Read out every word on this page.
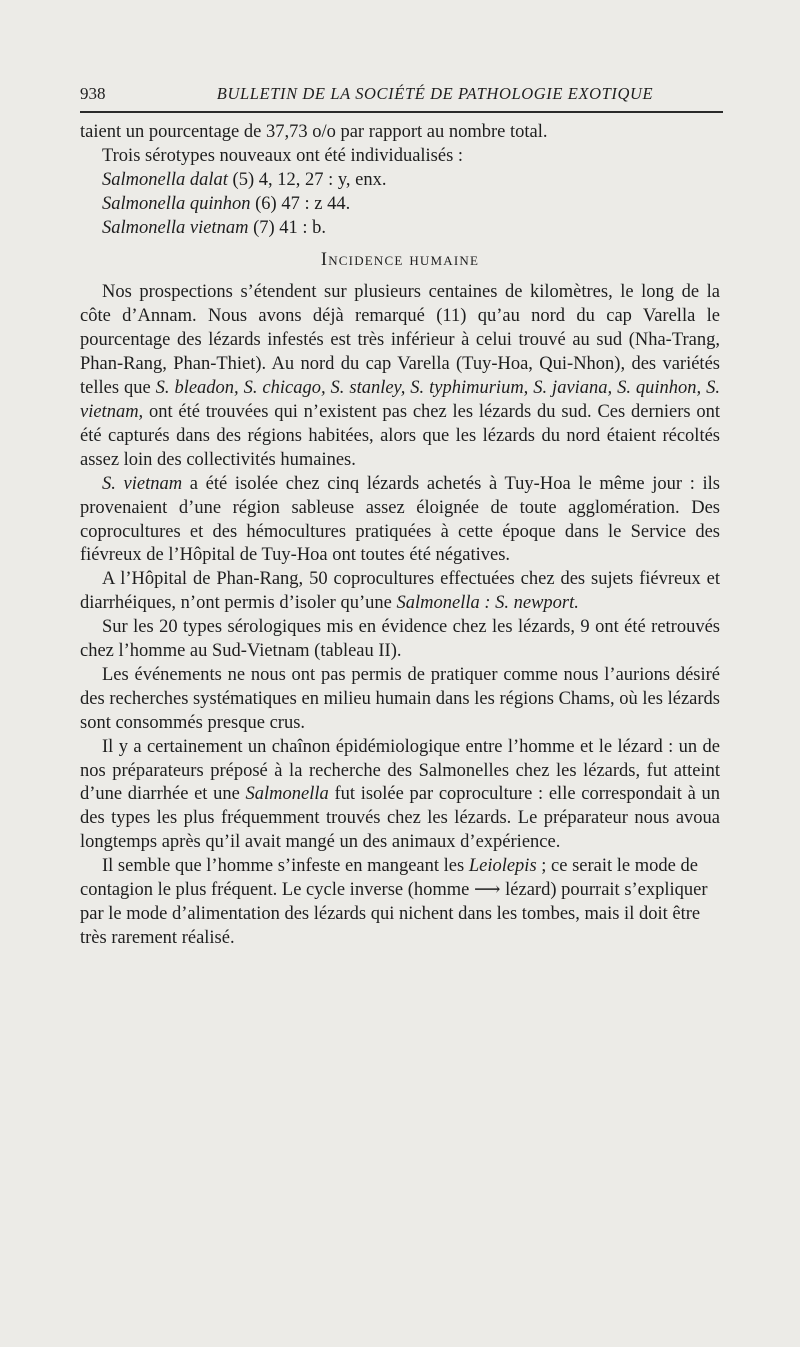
938	BULLETIN DE LA SOCIÉTÉ DE PATHOLOGIE EXOTIQUE
taient un pourcentage de 37,73 o/o par rapport au nombre total.

Trois sérotypes nouveaux ont été individualisés :

Salmonella dalat (5) 4, 12, 27 : y, enx.
Salmonella quinhon (6) 47 : z 44.
Salmonella vietnam (7) 41 : b.
Incidence humaine

Nos prospections s’étendent sur plusieurs centaines de kilomètres, le long de la côte d’Annam. Nous avons déjà remarqué (11) qu’au nord du cap Varella le pourcentage des lézards infestés est très inférieur à celui trouvé au sud (Nha-Trang, Phan-Rang, Phan-Thiet). Au nord du cap Varella (Tuy-Hoa, Qui-Nhon), des variétés telles que S. bleadon, S. chicago, S. stanley, S. typhimurium, S. javiana, S. quinhon, S. vietnam, ont été trouvées qui n’existent pas chez les lézards du sud. Ces derniers ont été capturés dans des régions habitées, alors que les lézards du nord étaient récoltés assez loin des collectivités humaines.

S. vietnam a été isolée chez cinq lézards achetés à Tuy-Hoa le même jour : ils provenaient d’une région sableuse assez éloignée de toute agglomération. Des coprocultures et des hémocultures pratiquées à cette époque dans le Service des fiévreux de l’Hôpital de Tuy-Hoa ont toutes été négatives.

A l’Hôpital de Phan-Rang, 50 coprocultures effectuées chez des sujets fiévreux et diarrhéiques, n’ont permis d’isoler qu’une Salmonella : S. newport.

Sur les 20 types sérologiques mis en évidence chez les lézards, 9 ont été retrouvés chez l’homme au Sud-Vietnam (tableau II).

Les événements ne nous ont pas permis de pratiquer comme nous l’aurions désiré des recherches systématiques en milieu humain dans les régions Chams, où les lézards sont consommés presque crus.

Il y a certainement un chaînon épidémiologique entre l’homme et le lézard : un de nos préparateurs préposé à la recherche des Salmonelles chez les lézards, fut atteint d’une diarrhée et une Salmonella fut isolée par coproculture : elle correspondait à un des types les plus fréquemment trouvés chez les lézards. Le préparateur nous avoua longtemps après qu’il avait mangé un des animaux d’expérience.

Il semble que l’homme s’infeste en mangeant les Leiolepis ; ce serait le mode de contagion le plus fréquent. Le cycle inverse (homme ⟶ lézard) pourrait s’expliquer par le mode d’alimentation des lézards qui nichent dans les tombes, mais il doit être très rarement réalisé.
